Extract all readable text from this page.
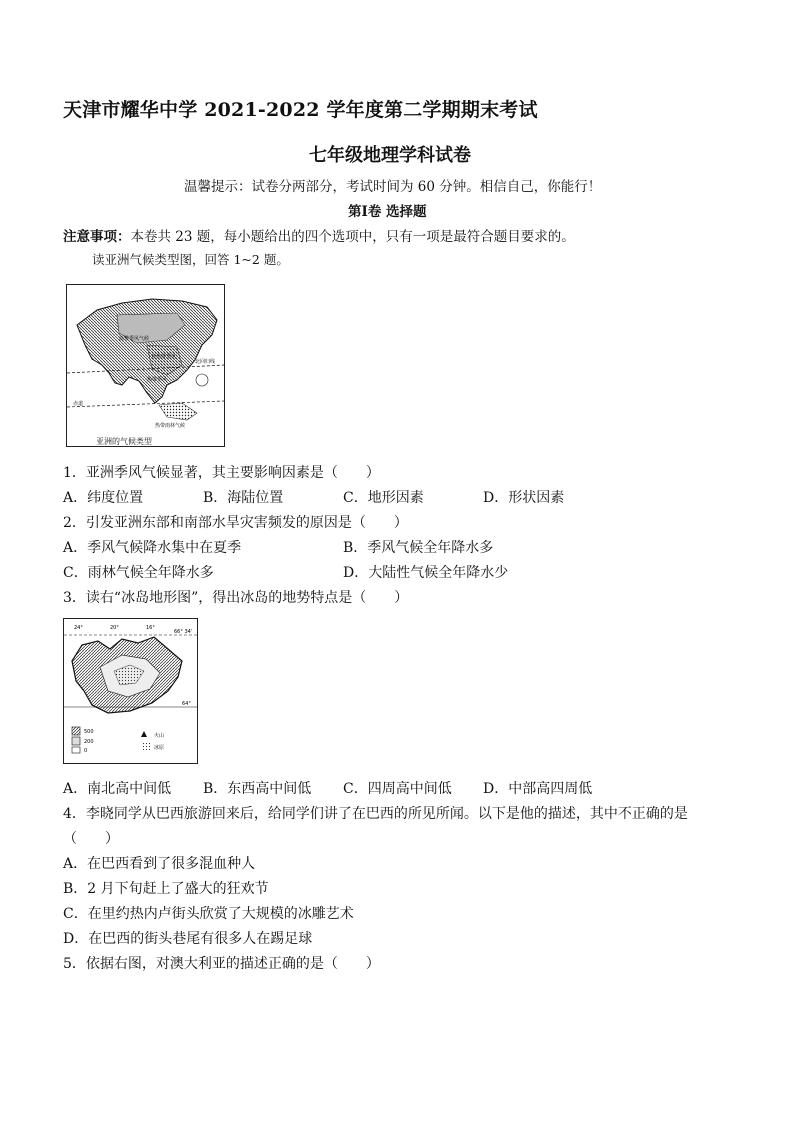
天津市耀华中学 2021-2022 学年度第二学期期末考试
七年级地理学科试卷
温馨提示：试卷分两部分，考试时间为 60 分钟。相信自己，你能行！
第Ⅰ卷 选择题
注意事项：本卷共 23 题，每小题给出的四个选项中，只有一项是最符合题目要求的。
读亚洲气候类型图，回答 1~2 题。
温带季风气候
亚热带季风
热带季风
热带雨林气候
北回归线
赤道
亚洲的气候类型
1．亚洲季风气候显著，其主要影响因素是（　　）
A．纬度位置	B．海陆位置	C．地形因素	D．形状因素
2．引发亚洲东部和南部水旱灾害频发的原因是（　　）
A．季风气候降水集中在夏季	B．季风气候全年降水多
C．雨林气候全年降水多	D．大陆性气候全年降水少
3．读右“冰岛地形图”，得出冰岛的地势特点是（　　）
24°	20°	16°
66° 34'
64°
500
200
0
火山
冰原
A．南北高中间低 B．东西高中间低 C．四周高中间低 D．中部高四周低
4．李晓同学从巴西旅游回来后，给同学们讲了在巴西的所见所闻。以下是他的描述，其中不正确的是
（　　）
A．在巴西看到了很多混血种人
B．2 月下旬赶上了盛大的狂欢节
C．在里约热内卢街头欣赏了大规模的冰雕艺术
D．在巴西的街头巷尾有很多人在踢足球
5．依据右图，对澳大利亚的描述正确的是（　　）
